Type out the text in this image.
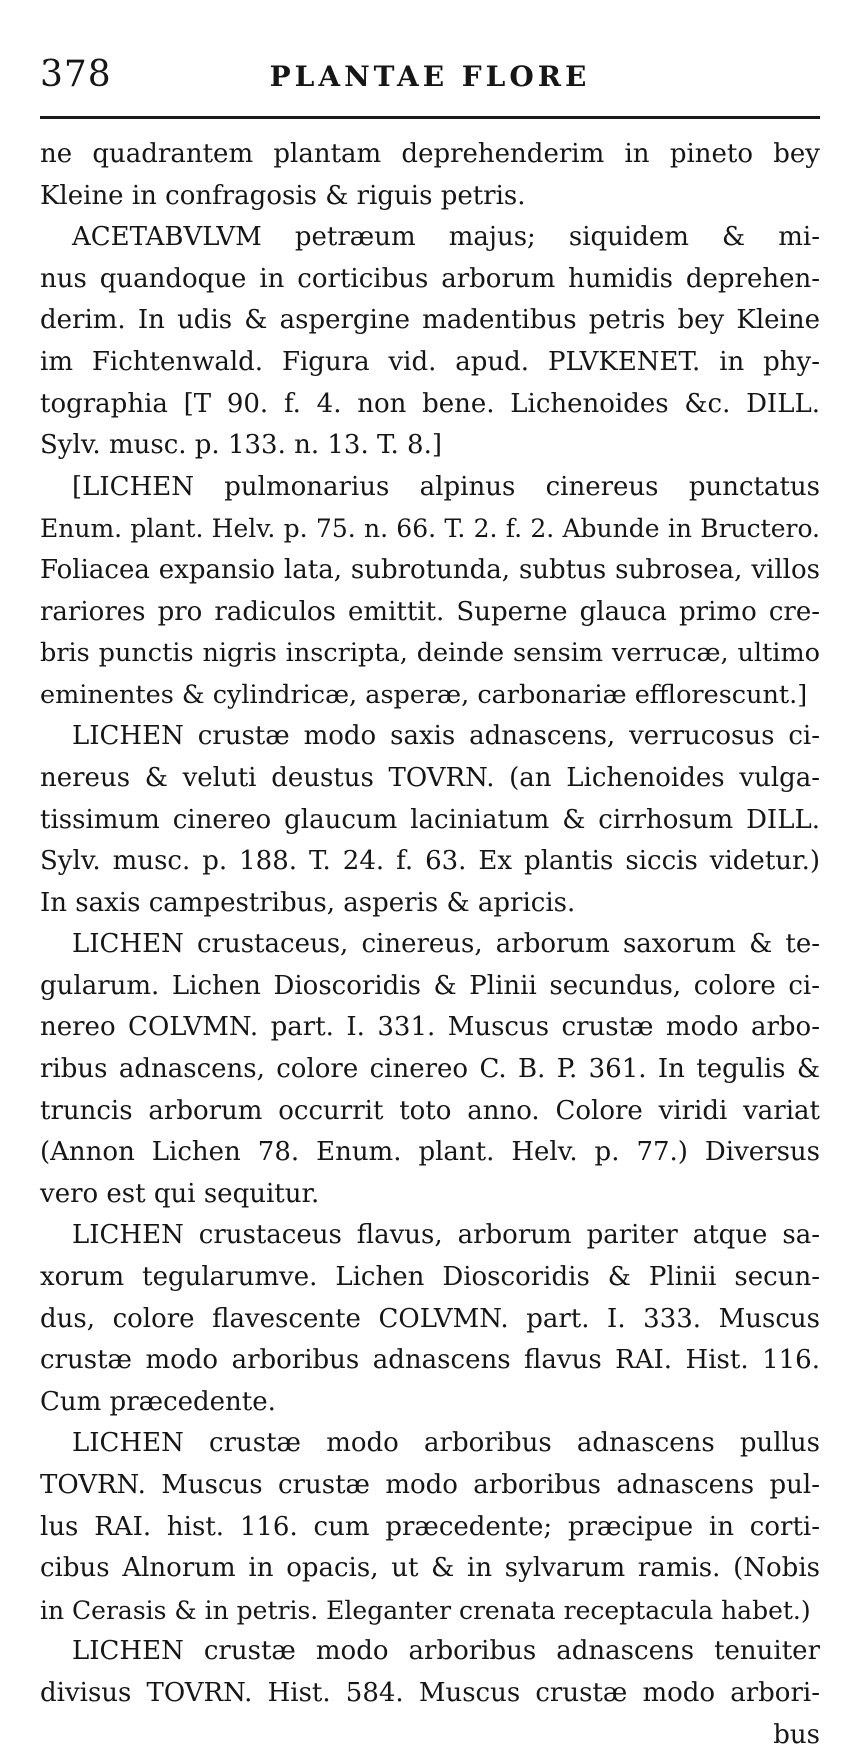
378	PLANTAE FLORE
ne quadrantem plantam deprehenderim in pineto bey
Kleine in confragosis & riguis petris.
ACETABVLVM petræum majus; siquidem & mi-
nus quandoque in corticibus arborum humidis deprehen-
derim. In udis & aspergine madentibus petris bey Kleine
im Fichtenwald. Figura vid. apud. PLVKENET. in phy-
tographia [T 90. f. 4. non bene. Lichenoides &c. DILL.
Sylv. musc. p. 133. n. 13. T. 8.]
[LICHEN pulmonarius alpinus cinereus punctatus
Enum. plant. Helv. p. 75. n. 66. T. 2. f. 2. Abunde in Bructero.
Foliacea expansio lata, subrotunda, subtus subrosea, villos
rariores pro radiculos emittit. Superne glauca primo cre-
bris punctis nigris inscripta, deinde sensim verrucæ, ultimo
eminentes & cylindricæ, asperæ, carbonariæ efflorescunt.]
LICHEN crustæ modo saxis adnascens, verrucosus ci-
nereus & veluti deustus TOVRN. (an Lichenoides vulga-
tissimum cinereo glaucum laciniatum & cirrhosum DILL.
Sylv. musc. p. 188. T. 24. f. 63. Ex plantis siccis videtur.)
In saxis campestribus, asperis & apricis.
LICHEN crustaceus, cinereus, arborum saxorum & te-
gularum. Lichen Dioscoridis & Plinii secundus, colore ci-
nereo COLVMN. part. I. 331. Muscus crustæ modo arbo-
ribus adnascens, colore cinereo C. B. P. 361. In tegulis &
truncis arborum occurrit toto anno. Colore viridi variat
(Annon Lichen 78. Enum. plant. Helv. p. 77.) Diversus
vero est qui sequitur.
LICHEN crustaceus flavus, arborum pariter atque sa-
xorum tegularumve. Lichen Dioscoridis & Plinii secun-
dus, colore flavescente COLVMN. part. I. 333. Muscus
crustæ modo arboribus adnascens flavus RAI. Hist. 116.
Cum præcedente.
LICHEN crustæ modo arboribus adnascens pullus
TOVRN. Muscus crustæ modo arboribus adnascens pul-
lus RAI. hist. 116. cum præcedente; præcipue in corti-
cibus Alnorum in opacis, ut & in sylvarum ramis. (Nobis
in Cerasis & in petris. Eleganter crenata receptacula habet.)
LICHEN crustæ modo arboribus adnascens tenuiter
divisus TOVRN. Hist. 584. Muscus crustæ modo arbori-
bus
